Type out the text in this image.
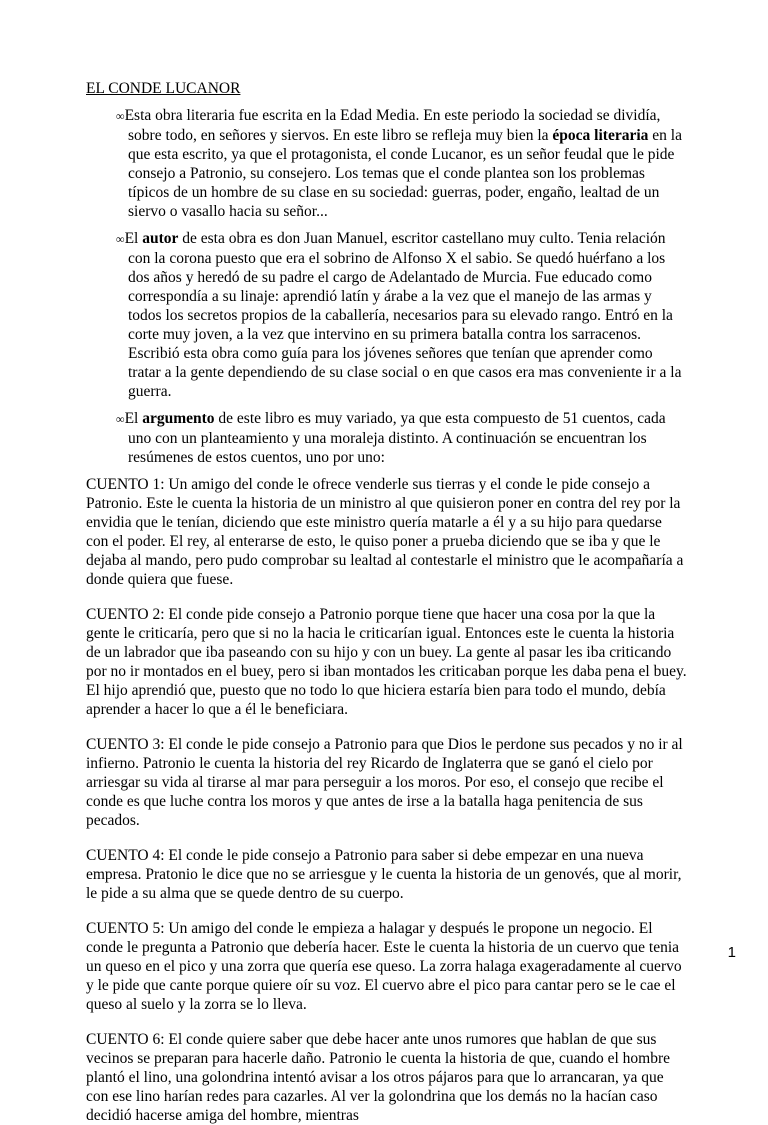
EL CONDE LUCANOR

∞Esta obra literaria fue escrita en la Edad Media. En este periodo la sociedad se dividía, sobre todo, en señores y siervos. En este libro se refleja muy bien la época literaria en la que esta escrito, ya que el protagonista, el conde Lucanor, es un señor feudal que le pide consejo a Patronio, su consejero. Los temas que el conde plantea son los problemas típicos de un hombre de su clase en su sociedad: guerras, poder, engaño, lealtad de un siervo o vasallo hacia su señor...

∞El autor de esta obra es don Juan Manuel, escritor castellano muy culto. Tenia relación con la corona puesto que era el sobrino de Alfonso X el sabio. Se quedó huérfano a los dos años y heredó de su padre el cargo de Adelantado de Murcia. Fue educado como correspondía a su linaje: aprendió latín y árabe a la vez que el manejo de las armas y todos los secretos propios de la caballería, necesarios para su elevado rango. Entró en la corte muy joven, a la vez que intervino en su primera batalla contra los sarracenos. Escribió esta obra como guía para los jóvenes señores que tenían que aprender como tratar a la gente dependiendo de su clase social o en que casos era mas conveniente ir a la guerra.

∞El argumento de este libro es muy variado, ya que esta compuesto de 51 cuentos, cada uno con un planteamiento y una moraleja distinto. A continuación se encuentran los resúmenes de estos cuentos, uno por uno:

CUENTO 1: Un amigo del conde le ofrece venderle sus tierras y el conde le pide consejo a Patronio. Este le cuenta la historia de un ministro al que quisieron poner en contra del rey por la envidia que le tenían, diciendo que este ministro quería matarle a él y a su hijo para quedarse con el poder. El rey, al enterarse de esto, le quiso poner a prueba diciendo que se iba y que le dejaba al mando, pero pudo comprobar su lealtad al contestarle el ministro que le acompañaría a donde quiera que fuese.

CUENTO 2: El conde pide consejo a Patronio porque tiene que hacer una cosa por la que la gente le criticaría, pero que si no la hacia le criticarían igual. Entonces este le cuenta la historia de un labrador que iba paseando con su hijo y con un buey. La gente al pasar les iba criticando por no ir montados en el buey, pero si iban montados les criticaban porque les daba pena el buey. El hijo aprendió que, puesto que no todo lo que hiciera estaría bien para todo el mundo, debía aprender a hacer lo que a él le beneficiara.

CUENTO 3: El conde le pide consejo a Patronio para que Dios le perdone sus pecados y no ir al infierno. Patronio le cuenta la historia del rey Ricardo de Inglaterra que se ganó el cielo por arriesgar su vida al tirarse al mar para perseguir a los moros. Por eso, el consejo que recibe el conde es que luche contra los moros y que antes de irse a la batalla haga penitencia de sus pecados.

CUENTO 4: El conde le pide consejo a Patronio para saber si debe empezar en una nueva empresa. Pratonio le dice que no se arriesgue y le cuenta la historia de un genovés, que al morir, le pide a su alma que se quede dentro de su cuerpo.

CUENTO 5: Un amigo del conde le empieza a halagar y después le propone un negocio. El conde le pregunta a Patronio que debería hacer. Este le cuenta la historia de un cuervo que tenia un queso en el pico y una zorra que quería ese queso. La zorra halaga exageradamente al cuervo y le pide que cante porque quiere oír su voz. El cuervo abre el pico para cantar pero se le cae el queso al suelo y la zorra se lo lleva.

CUENTO 6: El conde quiere saber que debe hacer ante unos rumores que hablan de que sus vecinos se preparan para hacerle daño. Patronio le cuenta la historia de que, cuando el hombre plantó el lino, una golondrina intentó avisar a los otros pájaros para que lo arrancaran, ya que con ese lino harían redes para cazarles. Al ver la golondrina que los demás no la hacían caso decidió hacerse amiga del hombre, mientras

1
